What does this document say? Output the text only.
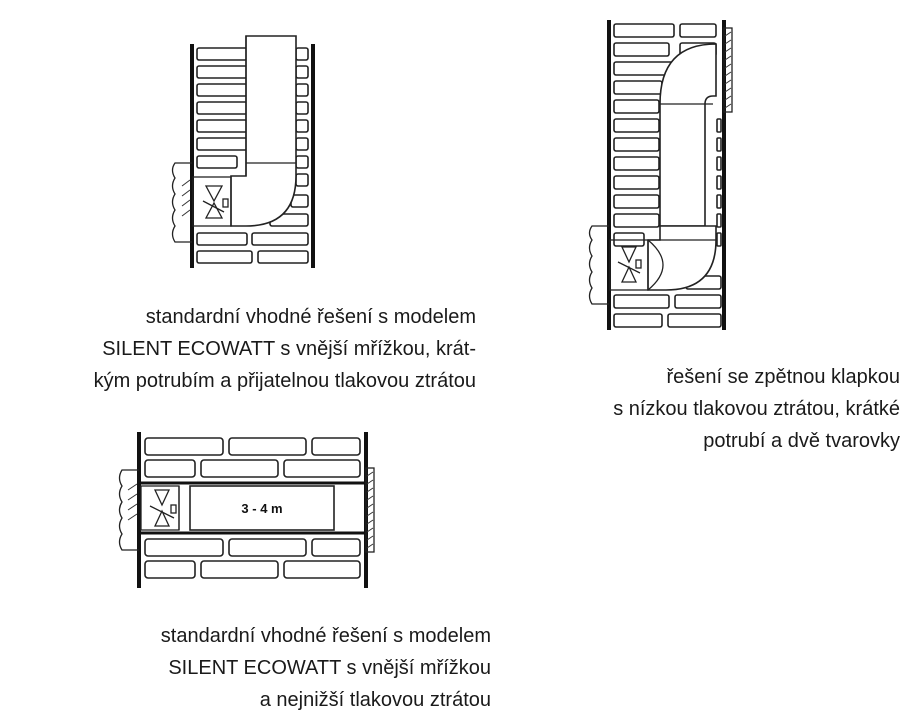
3 - 4 m
standardní vhodné řešení s modelem
SILENT ECOWATT s vnější mřížkou, krát-
kým potrubím a přijatelnou tlakovou ztrátou	řešení se zpětnou klapkou
s nízkou tlakovou ztrátou, krátké
potrubí a dvě tvarovky
standardní vhodné řešení s modelem
SILENT ECOWATT s vnější mřížkou
a nejnižší tlakovou ztrátou
